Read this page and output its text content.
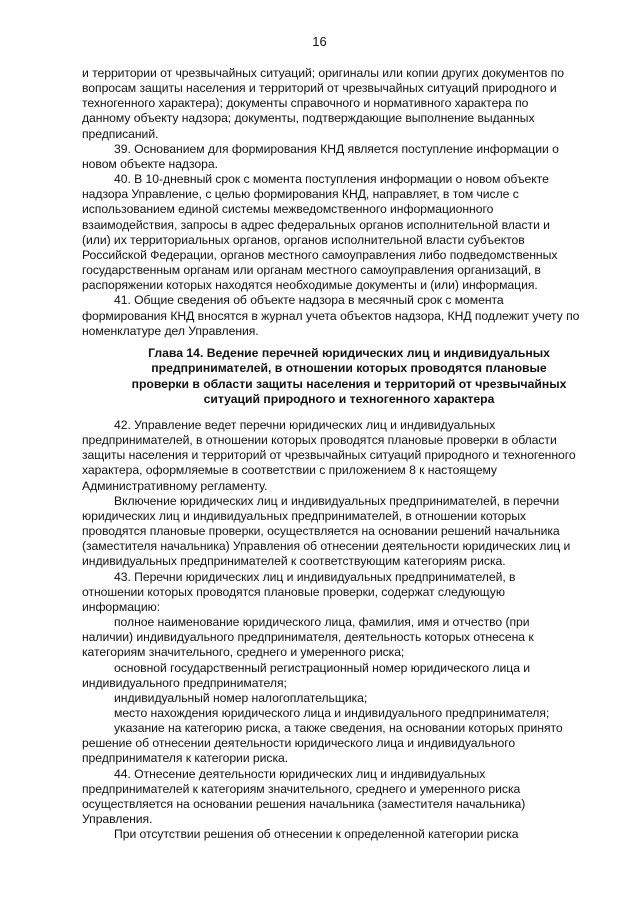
16

и территории от чрезвычайных ситуаций; оригиналы или копии других документов по

вопросам защиты населения и территорий от чрезвычайных ситуаций природного и

техногенного характера); документы справочного и нормативного характера по

данному объекту надзора; документы, подтверждающие выполнение выданных

предписаний.

39. Основанием для формирования КНД является поступление информации о

новом объекте надзора.

40. В 10-дневный срок с момента поступления информации о новом объекте

надзора Управление, с целью формирования КНД, направляет, в том числе с

использованием единой системы межведомственного информационного

взаимодействия, запросы в адрес федеральных органов исполнительной власти и

(или) их территориальных органов, органов исполнительной власти субъектов

Российской Федерации, органов местного самоуправления либо подведомственных

государственным органам или органам местного самоуправления организаций, в

распоряжении которых находятся необходимые документы и (или) информация.

41. Общие сведения об объекте надзора в месячный срок с момента

формирования КНД вносятся в журнал учета объектов надзора, КНД подлежит учету по

номенклатуре дел Управления.

Глава 14. Ведение перечней юридических лиц и индивидуальных
предпринимателей, в отношении которых проводятся плановые
проверки в области защиты населения и территорий от чрезвычайных
ситуаций природного и техногенного характера

42. Управление ведет перечни юридических лиц и индивидуальных

предпринимателей, в отношении которых проводятся плановые проверки в области

защиты населения и территорий от чрезвычайных ситуаций природного и техногенного

характера, оформляемые в соответствии с приложением 8 к настоящему

Административному регламенту.

Включение юридических лиц и индивидуальных предпринимателей, в перечни

юридических лиц и индивидуальных предпринимателей, в отношении которых

проводятся плановые проверки, осуществляется на основании решений начальника

(заместителя начальника) Управления об отнесении деятельности юридических лиц и

индивидуальных предпринимателей к соответствующим категориям риска.

43. Перечни юридических лиц и индивидуальных предпринимателей, в

отношении которых проводятся плановые проверки, содержат следующую

информацию:

полное наименование юридического лица, фамилия, имя и отчество (при

наличии) индивидуального предпринимателя, деятельность которых отнесена к

категориям значительного, среднего и умеренного риска;

основной государственный регистрационный номер юридического лица и

индивидуального предпринимателя;

индивидуальный номер налогоплательщика;

место нахождения юридического лица и индивидуального предпринимателя;

указание на категорию риска, а также сведения, на основании которых принято

решение об отнесении деятельности юридического лица и индивидуального

предпринимателя к категории риска.

44. Отнесение деятельности юридических лиц и индивидуальных

предпринимателей к категориям значительного, среднего и умеренного риска

осуществляется на основании решения начальника (заместителя начальника)

Управления.

При отсутствии решения об отнесении к определенной категории риска
